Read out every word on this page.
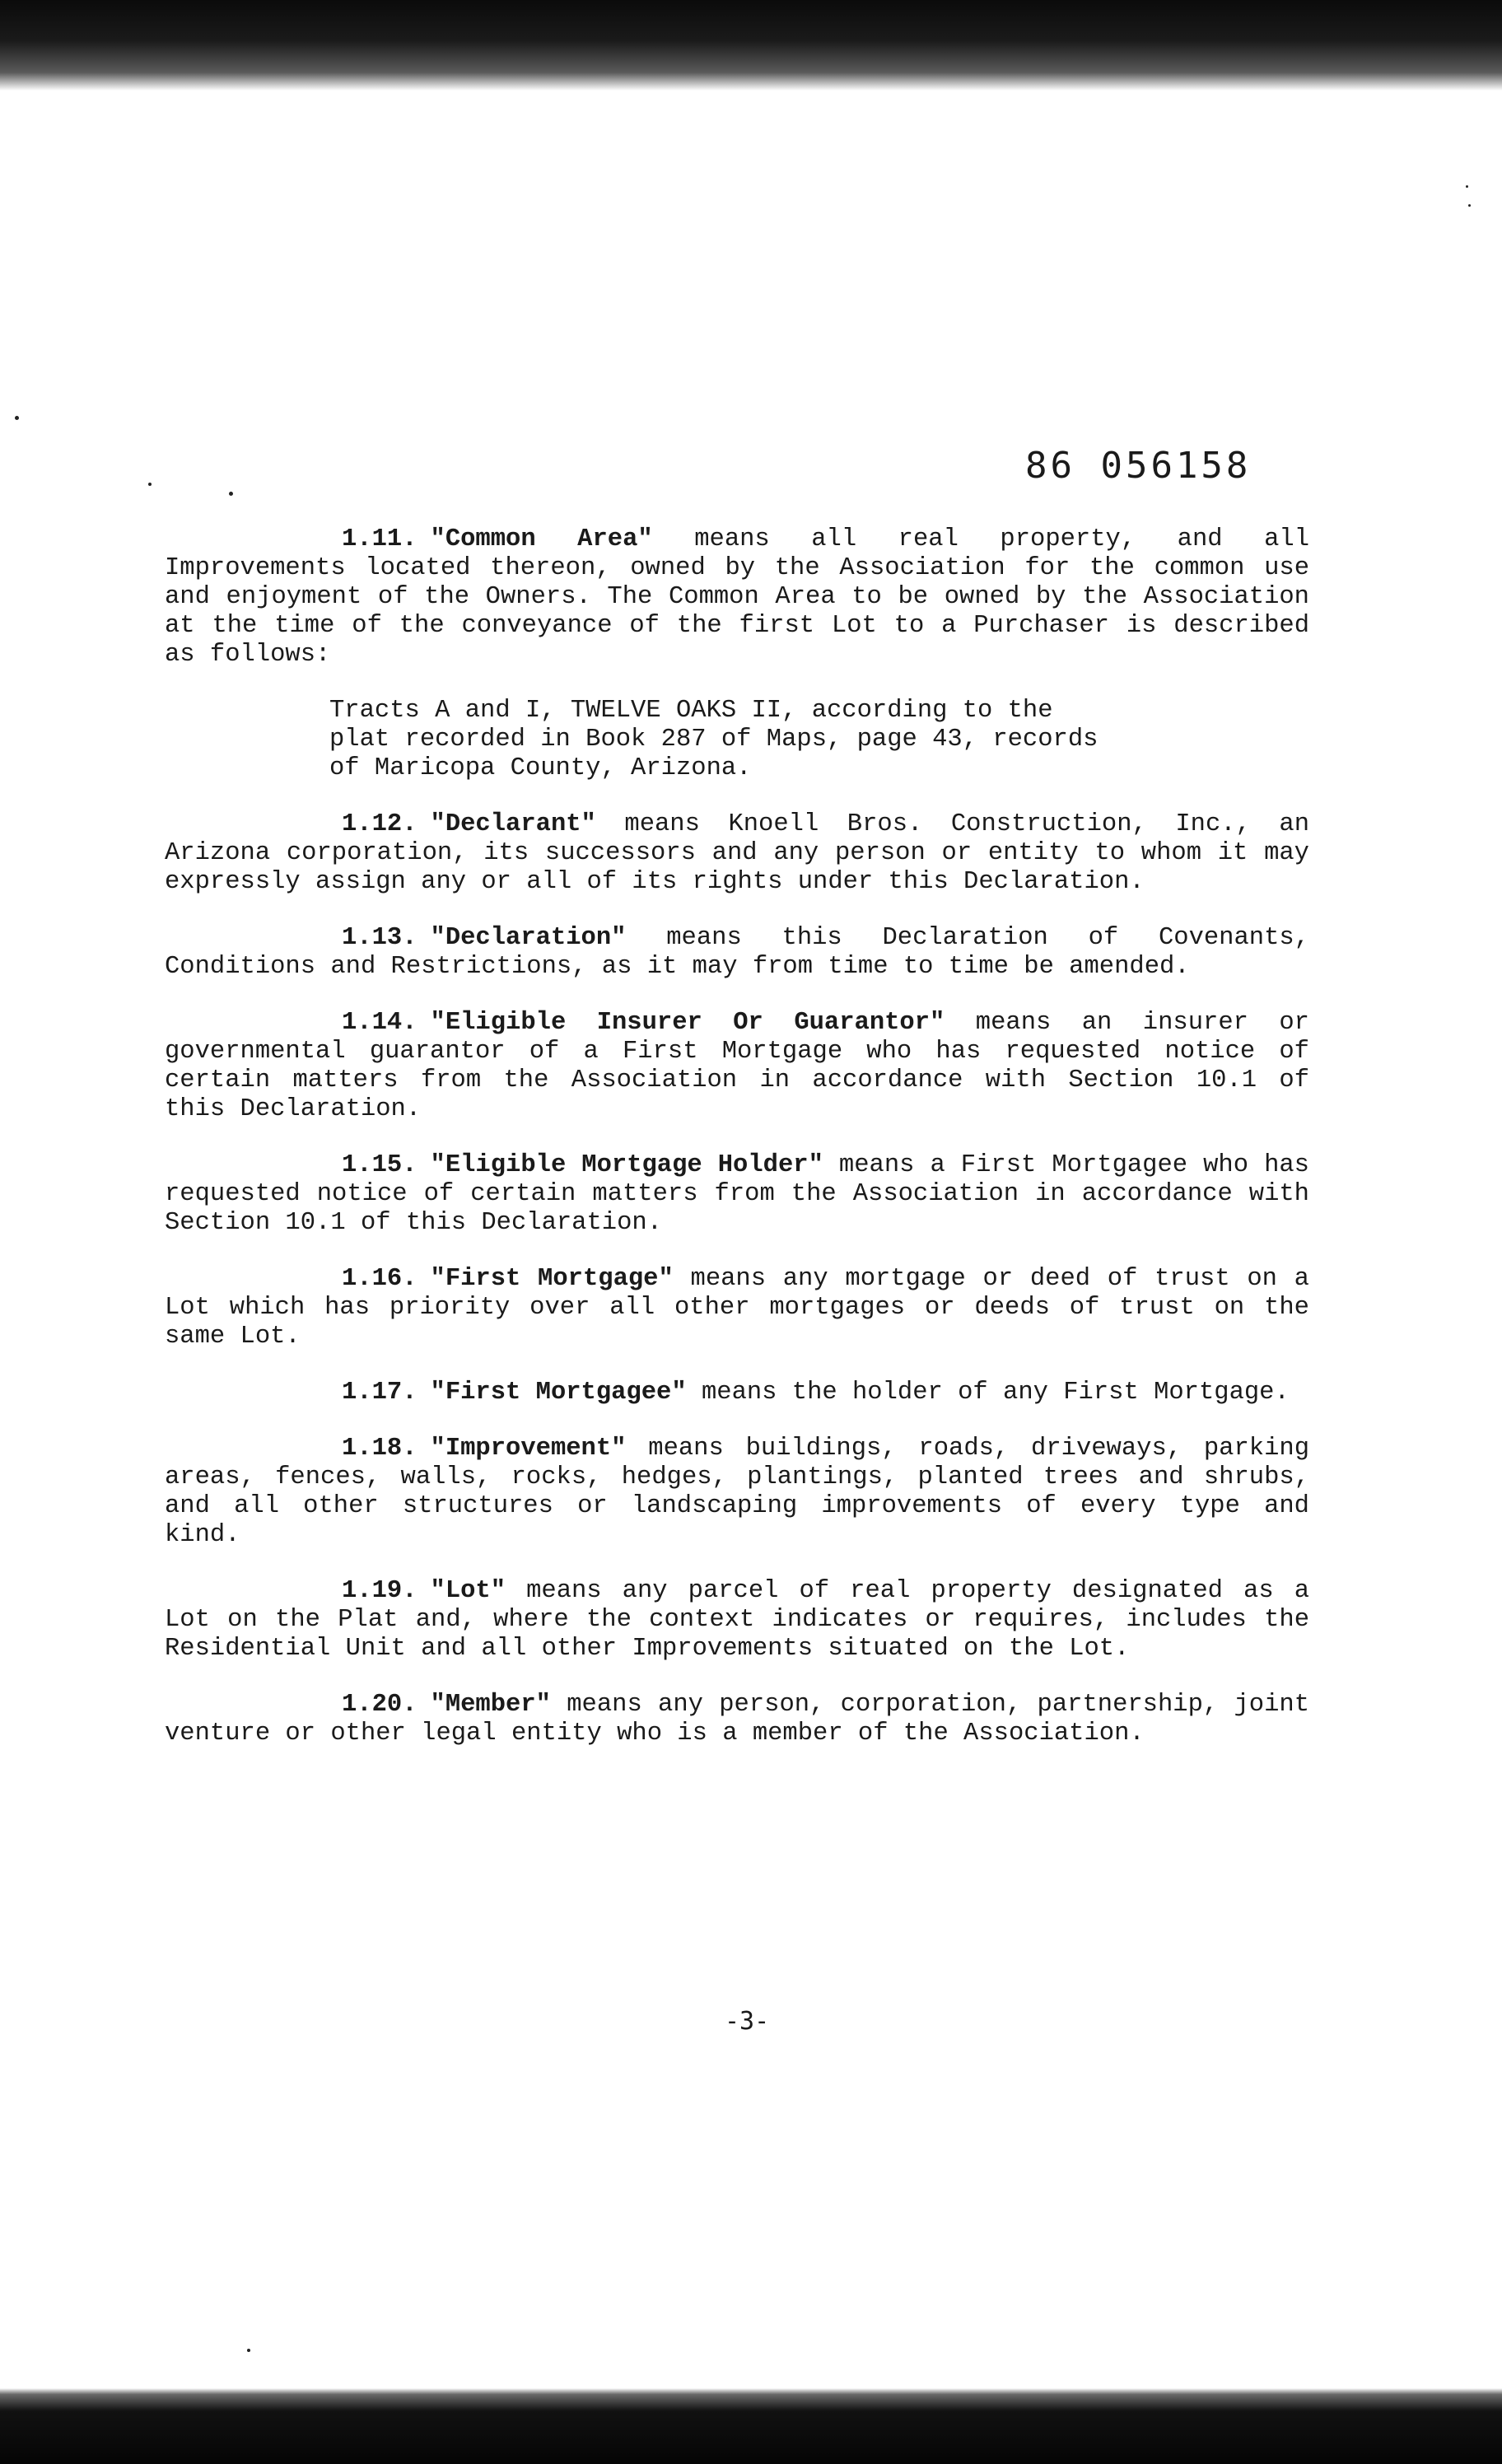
86 056158

1.11. "Common Area" means all real property, and all Improvements located thereon, owned by the Association for the common use and enjoyment of the Owners. The Common Area to be owned by the Association at the time of the conveyance of the first Lot to a Purchaser is described as follows:

Tracts A and I, TWELVE OAKS II, according to the plat recorded in Book 287 of Maps, page 43, records of Maricopa County, Arizona.

1.12. "Declarant" means Knoell Bros. Construction, Inc., an Arizona corporation, its successors and any person or entity to whom it may expressly assign any or all of its rights under this Declaration.

1.13. "Declaration" means this Declaration of Covenants, Conditions and Restrictions, as it may from time to time be amended.

1.14. "Eligible Insurer Or Guarantor" means an insurer or governmental guarantor of a First Mortgage who has requested notice of certain matters from the Association in accordance with Section 10.1 of this Declaration.

1.15. "Eligible Mortgage Holder" means a First Mortgagee who has requested notice of certain matters from the Association in accordance with Section 10.1 of this Declaration.

1.16. "First Mortgage" means any mortgage or deed of trust on a Lot which has priority over all other mortgages or deeds of trust on the same Lot.

1.17. "First Mortgagee" means the holder of any First Mortgage.

1.18. "Improvement" means buildings, roads, driveways, parking areas, fences, walls, rocks, hedges, plantings, planted trees and shrubs, and all other structures or landscaping improvements of every type and kind.

1.19. "Lot" means any parcel of real property designated as a Lot on the Plat and, where the context indicates or requires, includes the Residential Unit and all other Improvements situated on the Lot.

1.20. "Member" means any person, corporation, partnership, joint venture or other legal entity who is a member of the Association.

-3-
